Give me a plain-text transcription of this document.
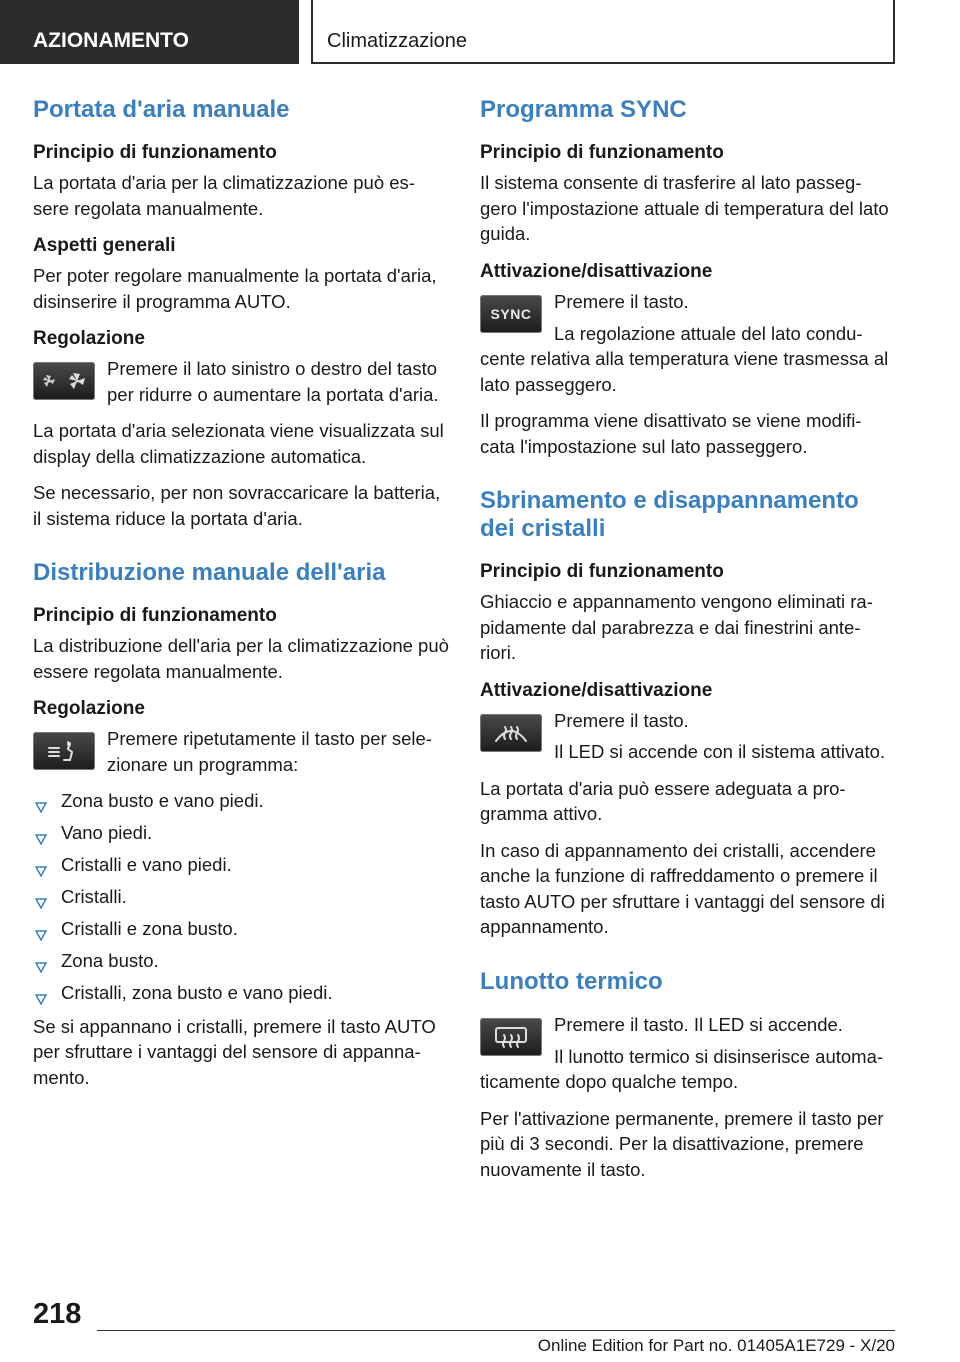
AZIONAMENTO	Climatizzazione
Portata d'aria manuale
Principio di funzionamento

La portata d'aria per la climatizzazione può es-sere regolata manualmente.

Aspetti generali

Per poter regolare manualmente la portata d'aria, disinserire il programma AUTO.

Regolazione

Premere il lato sinistro o destro del tasto per ridurre o aumentare la portata d'aria.

La portata d'aria selezionata viene visualizzata sul display della climatizzazione automatica.

Se necessario, per non sovraccaricare la batteria, il sistema riduce la portata d'aria.

Distribuzione manuale dell'aria
Principio di funzionamento

La distribuzione dell'aria per la climatizzazione può essere regolata manualmente.

Regolazione

Premere ripetutamente il tasto per sele-zionare un programma:

Zona busto e vano piedi.
Vano piedi.
Cristalli e vano piedi.
Cristalli.
Cristalli e zona busto.
Zona busto.
Cristalli, zona busto e vano piedi.

Se si appannano i cristalli, premere il tasto AUTO per sfruttare i vantaggi del sensore di appanna-mento.

Programma SYNC
Principio di funzionamento

Il sistema consente di trasferire al lato passeg-gero l'impostazione attuale di temperatura del lato guida.

Attivazione/disattivazione
SYNC

Premere il tasto.

La regolazione attuale del lato condu-cente relativa alla temperatura viene trasmessa al lato passeggero.

Il programma viene disattivato se viene modifi-cata l'impostazione sul lato passeggero.

Sbrinamento e disappannamento dei cristalli
Principio di funzionamento

Ghiaccio e appannamento vengono eliminati ra-pidamente dal parabrezza e dai finestrini ante-riori.

Attivazione/disattivazione

Premere il tasto.

Il LED si accende con il sistema attivato.

La portata d'aria può essere adeguata a pro-gramma attivo.

In caso di appannamento dei cristalli, accendere anche la funzione di raffreddamento o premere il tasto AUTO per sfruttare i vantaggi del sensore di appannamento.

Lunotto termico

Premere il tasto. Il LED si accende.

Il lunotto termico si disinserisce automa-ticamente dopo qualche tempo.

Per l'attivazione permanente, premere il tasto per più di 3 secondi. Per la disattivazione, premere nuovamente il tasto.

218
Online Edition for Part no. 01405A1E729 - X/20
